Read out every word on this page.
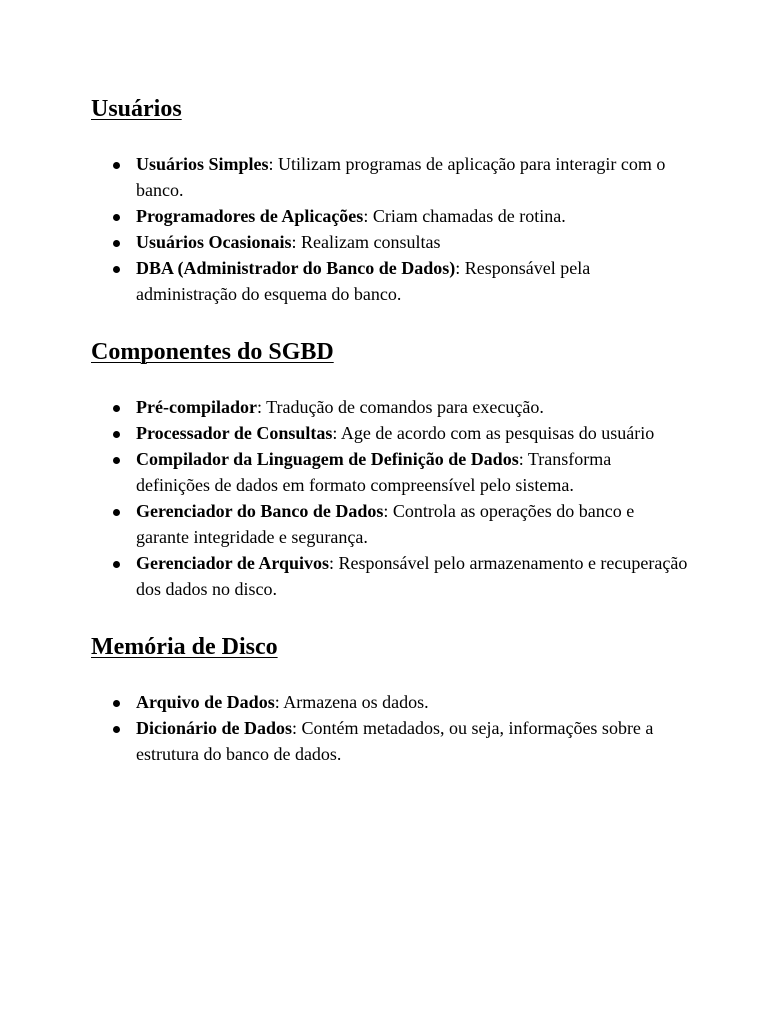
Usuários
Usuários Simples: Utilizam programas de aplicação para interagir com o banco.
Programadores de Aplicações: Criam chamadas de rotina.
Usuários Ocasionais: Realizam consultas
DBA (Administrador do Banco de Dados): Responsável pela administração do esquema do banco.
Componentes do SGBD
Pré-compilador: Tradução de comandos para execução.
Processador de Consultas: Age de acordo com as pesquisas do usuário
Compilador da Linguagem de Definição de Dados: Transforma definições de dados em formato compreensível pelo sistema.
Gerenciador do Banco de Dados: Controla as operações do banco e garante integridade e segurança.
Gerenciador de Arquivos: Responsável pelo armazenamento e recuperação dos dados no disco.
Memória de Disco
Arquivo de Dados: Armazena os dados.
Dicionário de Dados: Contém metadados, ou seja, informações sobre a estrutura do banco de dados.
